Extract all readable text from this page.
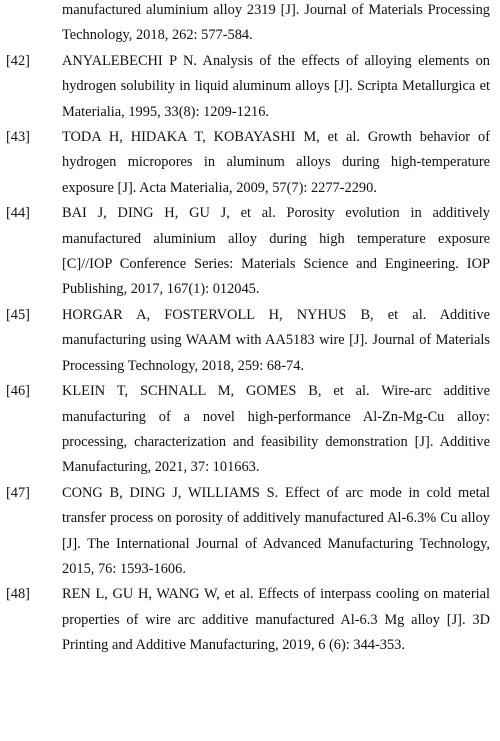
manufactured aluminium alloy 2319 [J]. Journal of Materials Processing Technology, 2018, 262: 577-584.

[42] ANYALEBECHI P N. Analysis of the effects of alloying elements on hydrogen solubility in liquid aluminum alloys [J]. Scripta Metallurgica et Materialia, 1995, 33(8): 1209-1216.

[43] TODA H, HIDAKA T, KOBAYASHI M, et al. Growth behavior of hydrogen micropores in aluminum alloys during high-temperature exposure [J]. Acta Materialia, 2009, 57(7): 2277-2290.

[44] BAI J, DING H, GU J, et al. Porosity evolution in additively manufactured aluminium alloy during high temperature exposure [C]//IOP Conference Series: Materials Science and Engineering. IOP Publishing, 2017, 167(1): 012045.

[45] HORGAR A, FOSTERVOLL H, NYHUS B, et al. Additive manufacturing using WAAM with AA5183 wire [J]. Journal of Materials Processing Technology, 2018, 259: 68-74.

[46] KLEIN T, SCHNALL M, GOMES B, et al. Wire-arc additive manufacturing of a novel high-performance Al-Zn-Mg-Cu alloy: processing, characterization and feasibility demonstration [J]. Additive Manufacturing, 2021, 37: 101663.

[47] CONG B, DING J, WILLIAMS S. Effect of arc mode in cold metal transfer process on porosity of additively manufactured Al-6.3% Cu alloy [J]. The International Journal of Advanced Manufacturing Technology, 2015, 76: 1593-1606.

[48] REN L, GU H, WANG W, et al. Effects of interpass cooling on material properties of wire arc additive manufactured Al-6.3 Mg alloy [J]. 3D Printing and Additive Manufacturing, 2019, 6 (6): 344-353.
